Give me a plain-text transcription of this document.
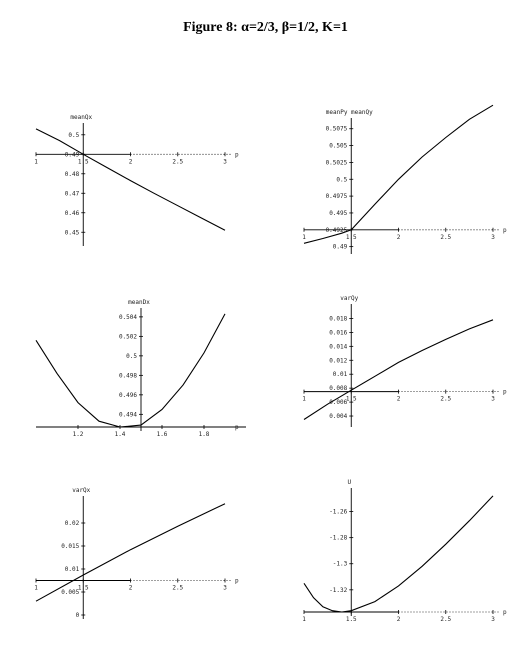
Figure 8: α=2/3, β=1/2, K=1
1	1.5	2	2.5	3
p
0.5
0.49
0.48
0.47
0.46
0.45
meanQx
1	1.5	2	2.5	3
p
0.5075
0.505
0.5025
0.5
0.4975
0.495
0.4925
0.49
meanPy meanQy
1.2	1.4	1.6	1.8
p
0.504
0.502
0.5
0.498
0.496
0.494
meanDx
1	1.5	2	2.5	3
p
0.018
0.016
0.014
0.012
0.01
0.008
0.006
0.004
varQy
1	1.5	2	2.5	3
p
0.02
0.015
0.01
0.005
0
varQx
1	1.5	2	2.5	3
p
-1.26
-1.28
-1.3
-1.32
U
